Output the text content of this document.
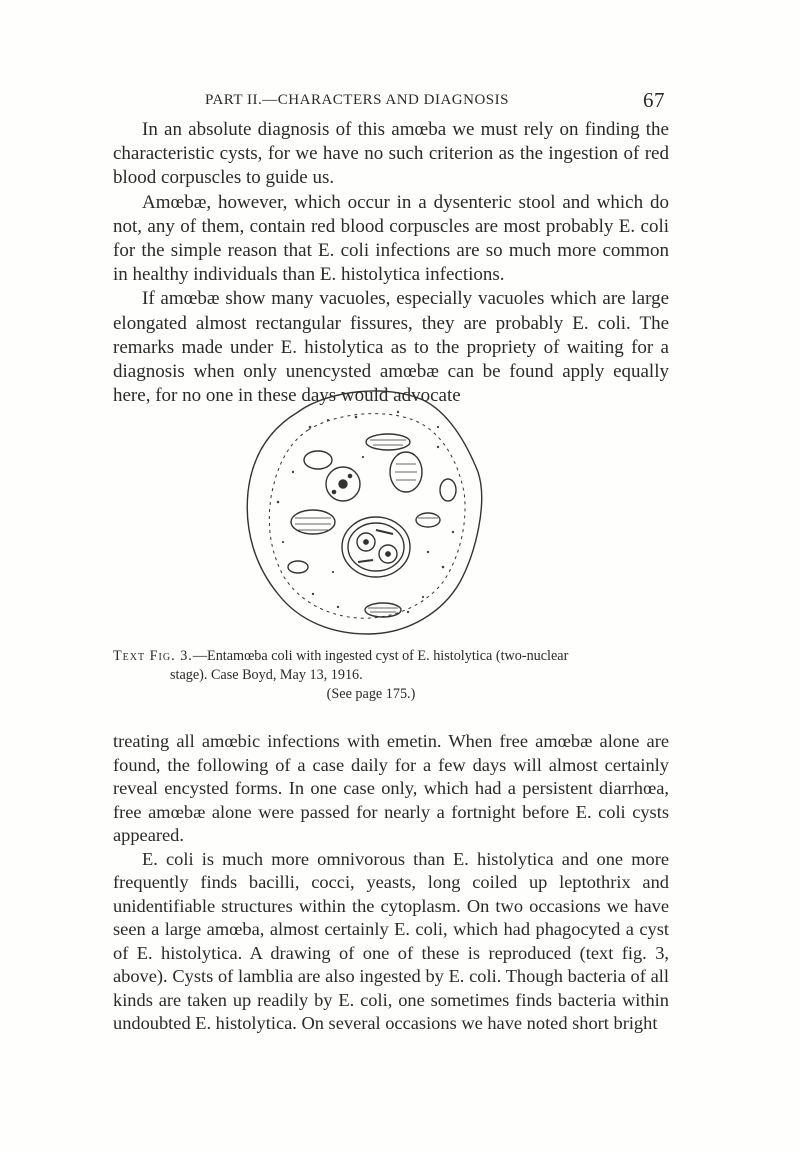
PART II.—CHARACTERS AND DIAGNOSIS	67

In an absolute diagnosis of this amœba we must rely on finding the characteristic cysts, for we have no such criterion as the ingestion of red blood corpuscles to guide us.

Amœbæ, however, which occur in a dysenteric stool and which do not, any of them, contain red blood corpuscles are most probably E. coli for the simple reason that E. coli infections are so much more common in healthy individuals than E. histolytica infections.

If amœbæ show many vacuoles, especially vacuoles which are large elongated almost rectangular fissures, they are probably E. coli. The remarks made under E. histolytica as to the propriety of waiting for a diagnosis when only unencysted amœbæ can be found apply equally here, for no one in these days would advocate

Text Fig. 3.—Entamœba coli with ingested cyst of E. histolytica (two-nuclear
stage). Case Boyd, May 13, 1916.
(See page 175.)

treating all amœbic infections with emetin. When free amœbæ alone are found, the following of a case daily for a few days will almost certainly reveal encysted forms. In one case only, which had a persistent diarrhœa, free amœbæ alone were passed for nearly a fortnight before E. coli cysts appeared.

E. coli is much more omnivorous than E. histolytica and one more frequently finds bacilli, cocci, yeasts, long coiled up leptothrix and unidentifiable structures within the cytoplasm. On two occasions we have seen a large amœba, almost certainly E. coli, which had phagocyted a cyst of E. histolytica. A drawing of one of these is reproduced (text fig. 3, above). Cysts of lamblia are also ingested by E. coli. Though bacteria of all kinds are taken up readily by E. coli, one sometimes finds bacteria within undoubted E. histolytica. On several occasions we have noted short bright
